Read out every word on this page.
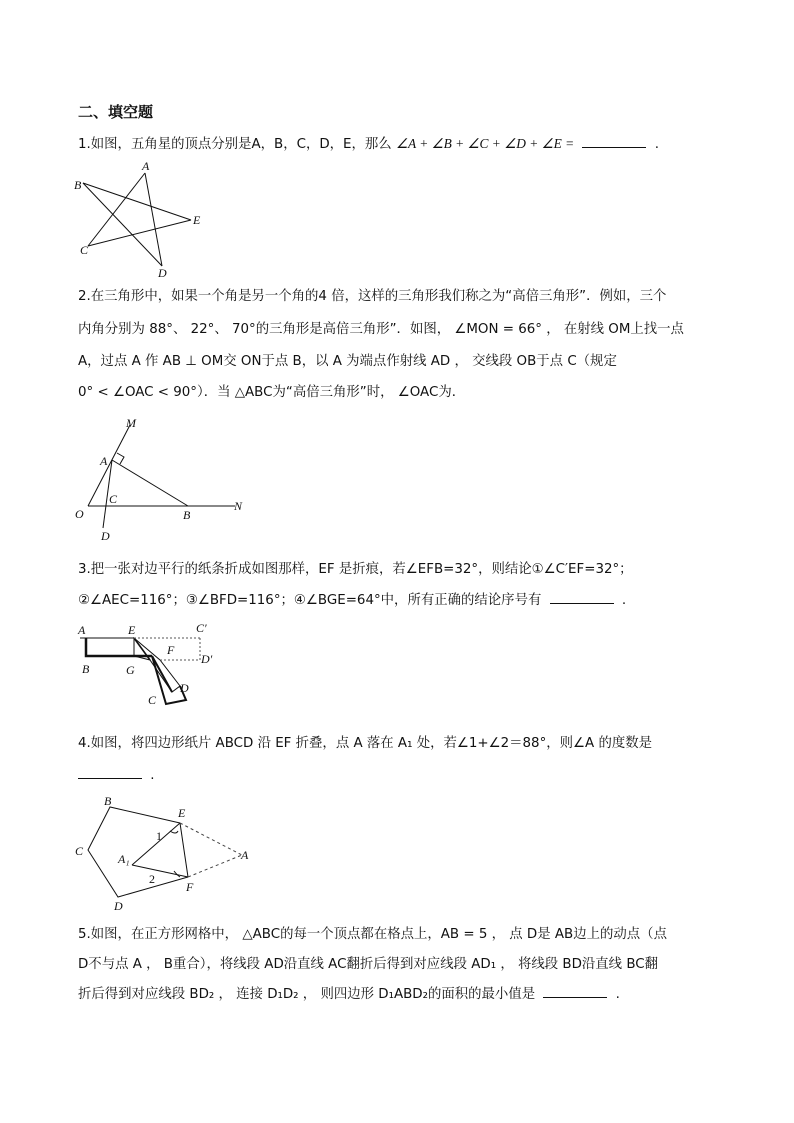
二、填空题
1.如图，五角星的顶点分别是A，B，C，D，E，那么 ∠A + ∠B + ∠C + ∠D + ∠E =	.
A
B
C
D
E
2.在三角形中，如果一个角是另一个角的4 倍，这样的三角形我们称之为“高倍三角形”．例如，三个
内角分别为 88°、 22°、 70°的三角形是高倍三角形”．如图， ∠MON = 66° ， 在射线 OM上找一点
A，过点 A 作 AB ⊥ OM交 ON于点 B，以 A 为端点作射线 AD ， 交线段 OB于点 C（规定
0° < ∠OAC < 90°）．当 △ABC为“高倍三角形”时， ∠OAC为．
M
A
C
O	B
N
D
3.把一张对边平行的纸条折成如图那样，EF 是折痕，若∠EFB=32°，则结论①∠C′EF=32°；
②∠AEC=116°；③∠BFD=116°；④∠BGE=64°中，所有正确的结论序号有	.
A	E	C′
F
D′
B	G
C
D
4.如图，将四边形纸片 ABCD 沿 EF 折叠，点 A 落在 A₁ 处，若∠1+∠2＝88°，则∠A 的度数是
.
B
E
1
C
A₁	A
2
F
D
5.如图，在正方形网格中， △ABC的每一个顶点都在格点上，AB = 5 ， 点 D是 AB边上的动点（点
D不与点 A ， B重合），将线段 AD沿直线 AC翻折后得到对应线段 AD₁ ， 将线段 BD沿直线 BC翻
折后得到对应线段 BD₂ ， 连接 D₁D₂ ， 则四边形 D₁ABD₂的面积的最小值是	.
